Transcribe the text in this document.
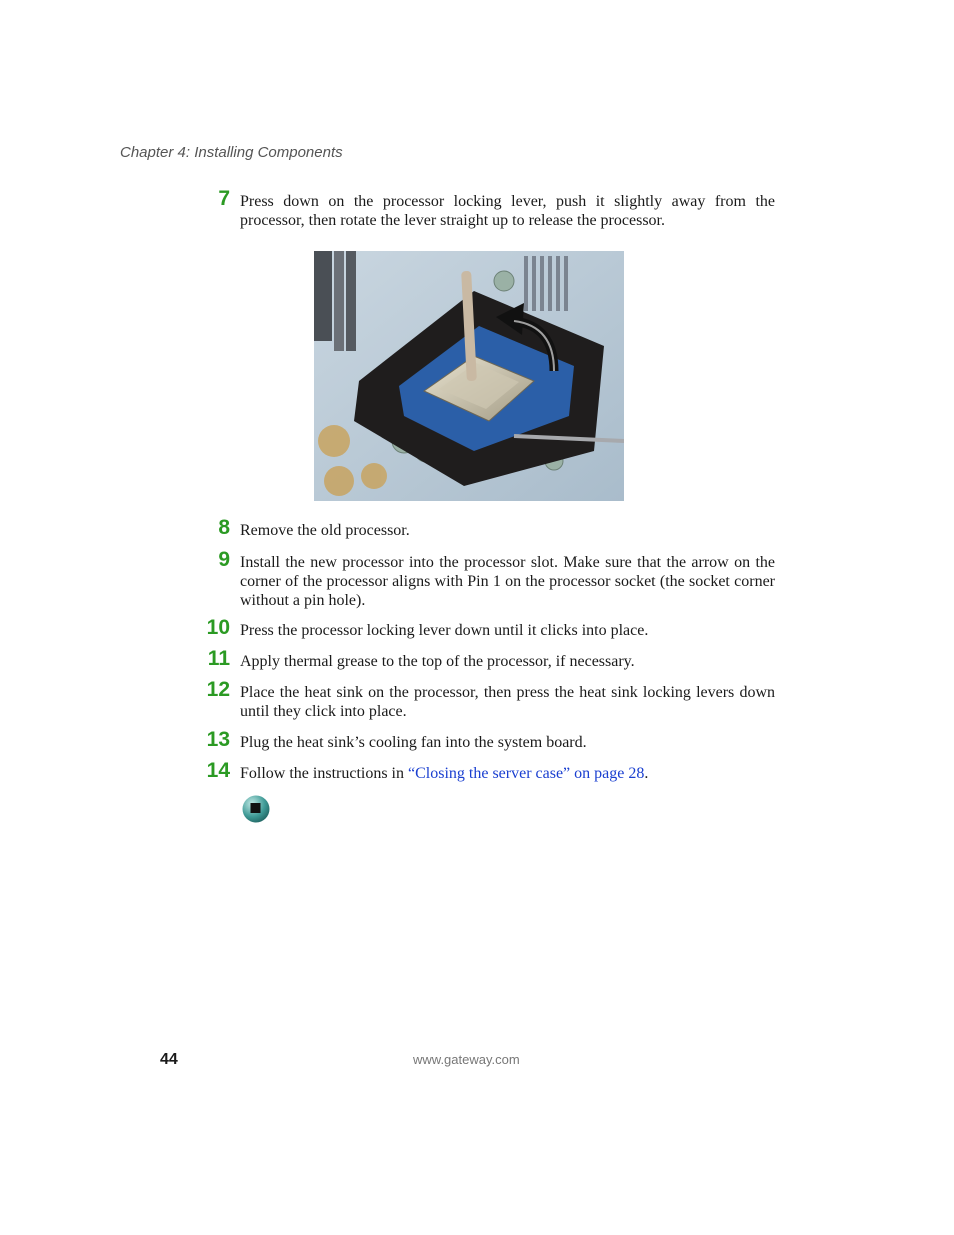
Chapter 4: Installing Components
7 Press down on the processor locking lever, push it slightly away from the processor, then rotate the lever straight up to release the processor.
8 Remove the old processor.
9 Install the new processor into the processor slot. Make sure that the arrow on the corner of the processor aligns with Pin 1 on the processor socket (the socket corner without a pin hole).
10 Press the processor locking lever down until it clicks into place.
11 Apply thermal grease to the top of the processor, if necessary.
12 Place the heat sink on the processor, then press the heat sink locking levers down until they click into place.
13 Plug the heat sink’s cooling fan into the system board.
14 Follow the instructions in “Closing the server case” on page 28.
44	www.gateway.com
